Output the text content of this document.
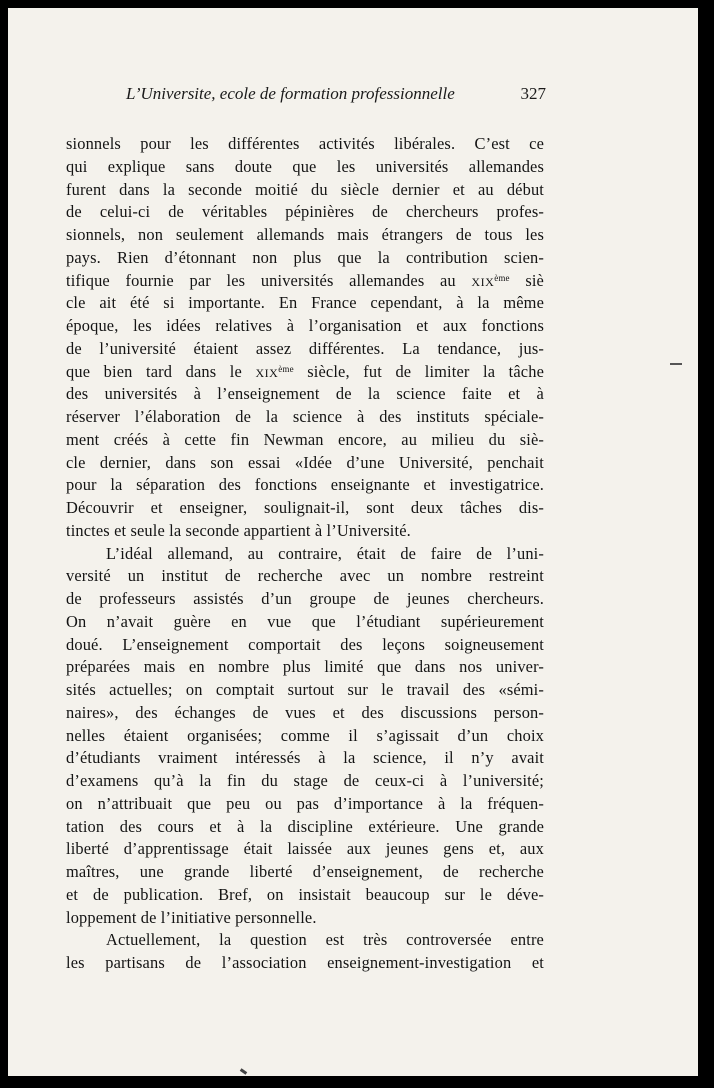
L’Universite, ecole de formation professionnelle	327
sionnels pour les différentes activités libérales. C’est ce
qui explique sans doute que les universités allemandes
furent dans la seconde moitié du siècle dernier et au début
de celui-ci de véritables pépinières de chercheurs profes-
sionnels, non seulement allemands mais étrangers de tous les
pays. Rien d’étonnant non plus que la contribution scien-
tifique fournie par les universités allemandes au XIXème siè
cle ait été si importante. En France cependant, à la même
époque, les idées relatives à l’organisation et aux fonctions
de l’université étaient assez différentes. La tendance, jus-
que bien tard dans le XIXème siècle, fut de limiter la tâche
des universités à l’enseignement de la science faite et à
réserver l’élaboration de la science à des instituts spéciale-
ment créés à cette fin Newman encore, au milieu du siè-
cle dernier, dans son essai «Idée d’une Université, penchait
pour la séparation des fonctions enseignante et investigatrice.
Découvrir et enseigner, soulignait-il, sont deux tâches dis-
tinctes et seule la seconde appartient à l’Université.
L’idéal allemand, au contraire, était de faire de l’uni-
versité un institut de recherche avec un nombre restreint
de professeurs assistés d’un groupe de jeunes chercheurs.
On n’avait guère en vue que l’étudiant supérieurement
doué. L’enseignement comportait des leçons soigneusement
préparées mais en nombre plus limité que dans nos univer-
sités actuelles; on comptait surtout sur le travail des «sémi-
naires», des échanges de vues et des discussions person-
nelles étaient organisées; comme il s’agissait d’un choix
d’étudiants vraiment intéressés à la science, il n’y avait
d’examens qu’à la fin du stage de ceux-ci à l’université;
on n’attribuait que peu ou pas d’importance à la fréquen-
tation des cours et à la discipline extérieure. Une grande
liberté d’apprentissage était laissée aux jeunes gens et, aux
maîtres, une grande liberté d’enseignement, de recherche
et de publication. Bref, on insistait beaucoup sur le déve-
loppement de l’initiative personnelle.
Actuellement, la question est très controversée entre
les partisans de l’association enseignement-investigation et
